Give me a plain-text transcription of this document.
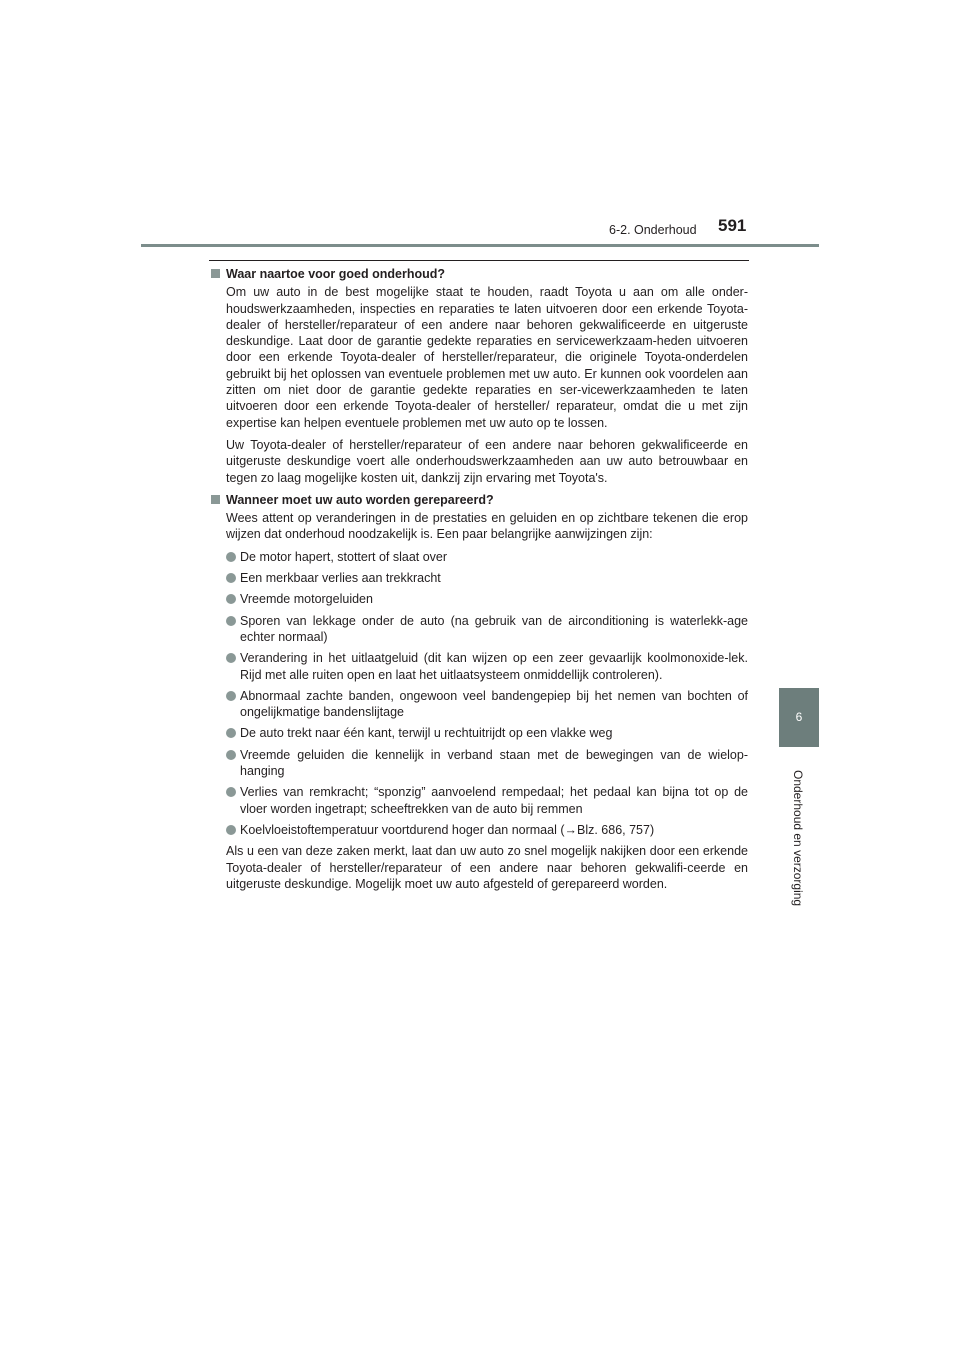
6-2. Onderhoud 591
6
Onderhoud en verzorging
Waar naartoe voor goed onderhoud?

Om uw auto in de best mogelijke staat te houden, raadt Toyota u aan om alle onder-houdswerkzaamheden, inspecties en reparaties te laten uitvoeren door een erkende Toyota-dealer of hersteller/reparateur of een andere naar behoren gekwalificeerde en uitgeruste deskundige. Laat door de garantie gedekte reparaties en servicewerkzaam-heden uitvoeren door een erkende Toyota-dealer of hersteller/reparateur, die originele Toyota-onderdelen gebruikt bij het oplossen van eventuele problemen met uw auto. Er kunnen ook voordelen aan zitten om niet door de garantie gedekte reparaties en ser-vicewerkzaamheden te laten uitvoeren door een erkende Toyota-dealer of hersteller/ reparateur, omdat die u met zijn expertise kan helpen eventuele problemen met uw auto op te lossen.

Uw Toyota-dealer of hersteller/reparateur of een andere naar behoren gekwalificeerde en uitgeruste deskundige voert alle onderhoudswerkzaamheden aan uw auto betrouwbaar en tegen zo laag mogelijke kosten uit, dankzij zijn ervaring met Toyota's.

Wanneer moet uw auto worden gerepareerd?

Wees attent op veranderingen in de prestaties en geluiden en op zichtbare tekenen die erop wijzen dat onderhoud noodzakelijk is. Een paar belangrijke aanwijzingen zijn:

De motor hapert, stottert of slaat over
Een merkbaar verlies aan trekkracht
Vreemde motorgeluiden
Sporen van lekkage onder de auto (na gebruik van de airconditioning is waterlekk-age echter normaal)
Verandering in het uitlaatgeluid (dit kan wijzen op een zeer gevaarlijk koolmonoxide-lek. Rijd met alle ruiten open en laat het uitlaatsysteem onmiddellijk controleren).
Abnormaal zachte banden, ongewoon veel bandengepiep bij het nemen van bochten of ongelijkmatige bandenslijtage
De auto trekt naar één kant, terwijl u rechtuitrijdt op een vlakke weg
Vreemde geluiden die kennelijk in verband staan met de bewegingen van de wielop-hanging
Verlies van remkracht; “sponzig” aanvoelend rempedaal; het pedaal kan bijna tot op de vloer worden ingetrapt; scheeftrekken van de auto bij remmen
Koelvloeistoftemperatuur voortdurend hoger dan normaal (→Blz. 686, 757)

Als u een van deze zaken merkt, laat dan uw auto zo snel mogelijk nakijken door een erkende Toyota-dealer of hersteller/reparateur of een andere naar behoren gekwalifi-ceerde en uitgeruste deskundige. Mogelijk moet uw auto afgesteld of gerepareerd worden.
